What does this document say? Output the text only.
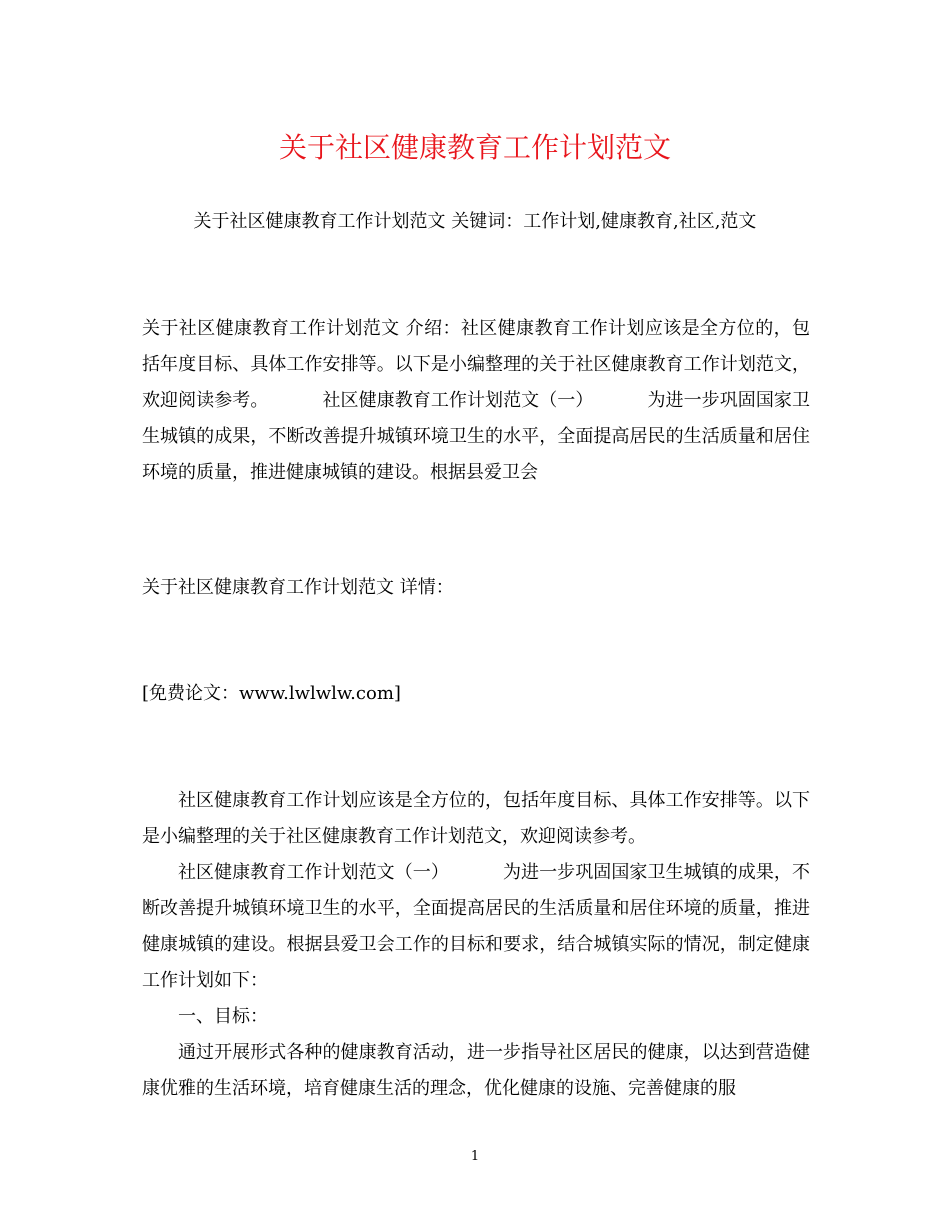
关于社区健康教育工作计划范文
关于社区健康教育工作计划范文 关键词：工作计划,健康教育,社区,范文

关于社区健康教育工作计划范文 介绍：社区健康教育工作计划应该是全方位的，包括年度目标、具体工作安排等。以下是小编整理的关于社区健康教育工作计划范文，欢迎阅读参考。	社区健康教育工作计划范文（一）	为进一步巩固国家卫生城镇的成果，不断改善提升城镇环境卫生的水平，全面提高居民的生活质量和居住环境的质量，推进健康城镇的建设。根据县爱卫会

关于社区健康教育工作计划范文 详情：

[免费论文：www.lwlwlw.com]

社区健康教育工作计划应该是全方位的，包括年度目标、具体工作安排等。以下是小编整理的关于社区健康教育工作计划范文，欢迎阅读参考。

社区健康教育工作计划范文（一）	为进一步巩固国家卫生城镇的成果，不断改善提升城镇环境卫生的水平，全面提高居民的生活质量和居住环境的质量，推进健康城镇的建设。根据县爱卫会工作的目标和要求，结合城镇实际的情况，制定健康工作计划如下：

一、目标：

通过开展形式各种的健康教育活动，进一步指导社区居民的健康，以达到营造健康优雅的生活环境，培育健康生活的理念，优化健康的设施、完善健康的服

1
